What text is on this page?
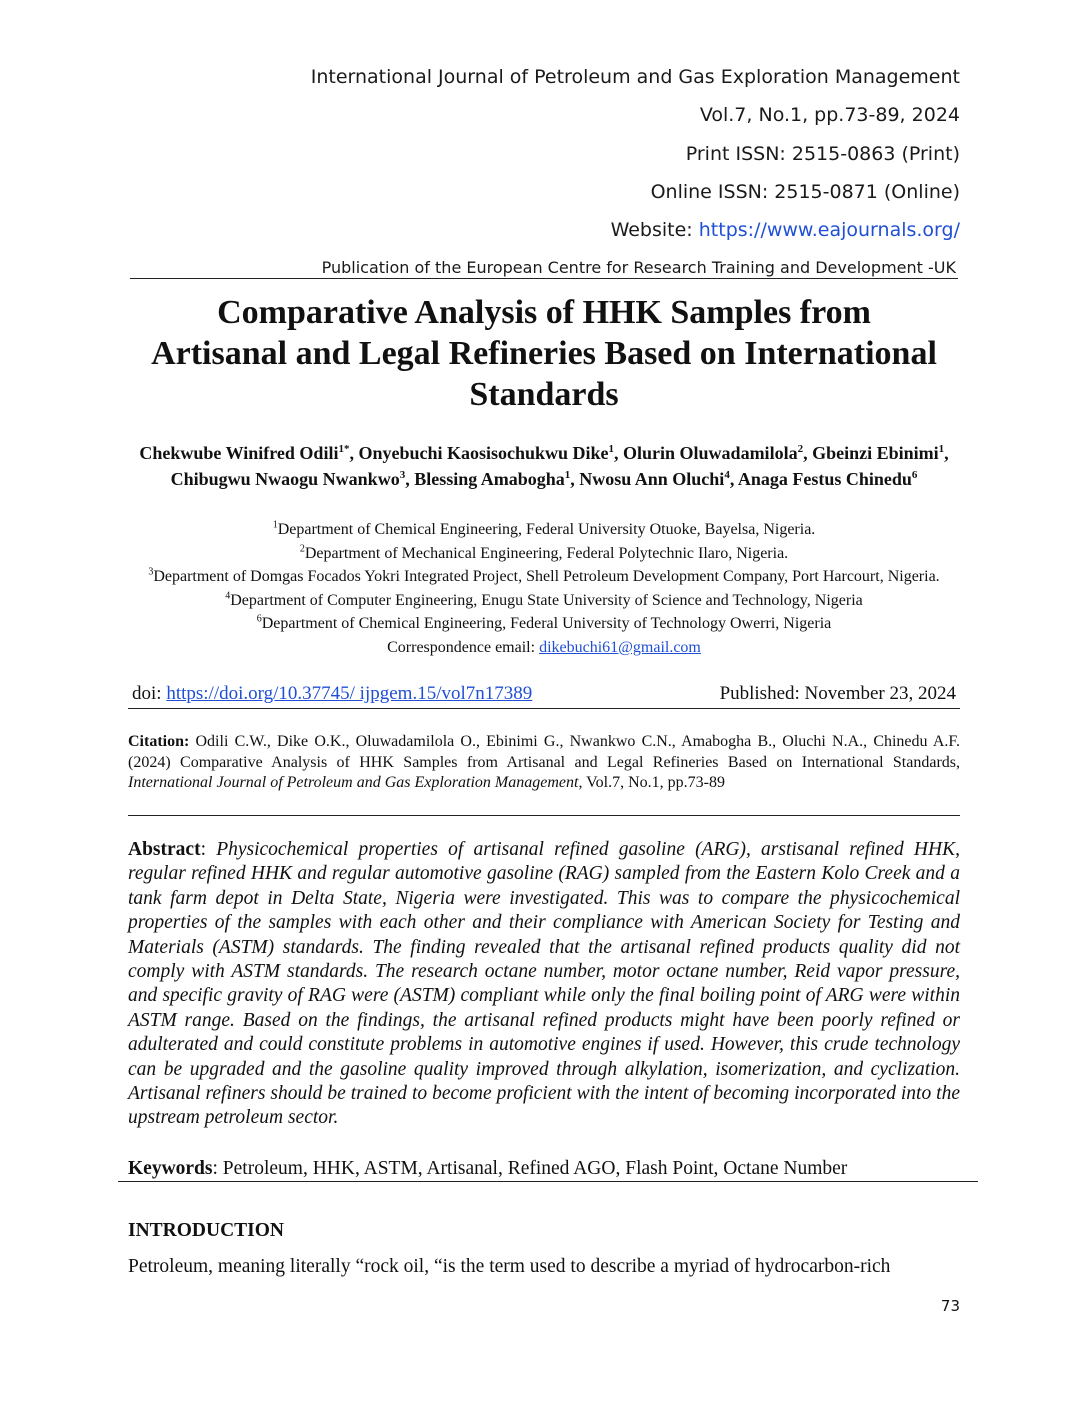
International Journal of Petroleum and Gas Exploration Management
Vol.7, No.1, pp.73-89, 2024
Print ISSN: 2515-0863 (Print)
Online ISSN: 2515-0871 (Online)
Website: https://www.eajournals.org/
Publication of the European Centre for Research Training and Development -UK
Comparative Analysis of HHK Samples from
Artisanal and Legal Refineries Based on International
Standards
Chekwube Winifred Odili$^{1*}$, Onyebuchi Kaosisochukwu Dike$^1$, Olurin Oluwadamilola$^2$, Gbeinzi Ebinimi$^1$, Chibugwu Nwaogu Nwankwo$^3$, Blessing Amabogha$^1$, Nwosu Ann Oluchi$^4$, Anaga Festus Chinedu$^6$
$^1$Department of Chemical Engineering, Federal University Otuoke, Bayelsa, Nigeria.
$^2$Department of Mechanical Engineering, Federal Polytechnic Ilaro, Nigeria.
$^3$Department of Domgas Focados Yokri Integrated Project, Shell Petroleum Development Company, Port Harcourt, Nigeria.
$^4$Department of Computer Engineering, Enugu State University of Science and Technology, Nigeria
$^6$Department of Chemical Engineering, Federal University of Technology Owerri, Nigeria
Correspondence email: dikebuchi61@gmail.com
doi: https://doi.org/10.37745/ ijpgem.15/vol7n17389	Published: November 23, 2024
Citation: Odili C.W., Dike O.K., Oluwadamilola O., Ebinimi G., Nwankwo C.N., Amabogha B., Oluchi N.A., Chinedu A.F.(2024) Comparative Analysis of HHK Samples from Artisanal and Legal Refineries Based on International Standards, International Journal of Petroleum and Gas Exploration Management, Vol.7, No.1, pp.73-89
Abstract: Physicochemical properties of artisanal refined gasoline (ARG), arstisanal refined HHK, regular refined HHK and regular automotive gasoline (RAG) sampled from the Eastern Kolo Creek and a tank farm depot in Delta State, Nigeria were investigated. This was to compare the physicochemical properties of the samples with each other and their compliance with American Society for Testing and Materials (ASTM) standards. The finding revealed that the artisanal refined products quality did not comply with ASTM standards. The research octane number, motor octane number, Reid vapor pressure, and specific gravity of RAG were (ASTM) compliant while only the final boiling point of ARG were within ASTM range. Based on the findings, the artisanal refined products might have been poorly refined or adulterated and could constitute problems in automotive engines if used. However, this crude technology can be upgraded and the gasoline quality improved through alkylation, isomerization, and cyclization. Artisanal refiners should be trained to become proficient with the intent of becoming incorporated into the upstream petroleum sector.
Keywords: Petroleum, HHK, ASTM, Artisanal, Refined AGO, Flash Point, Octane Number
INTRODUCTION
Petroleum, meaning literally “rock oil, “is the term used to describe a myriad of hydrocarbon-rich
73
